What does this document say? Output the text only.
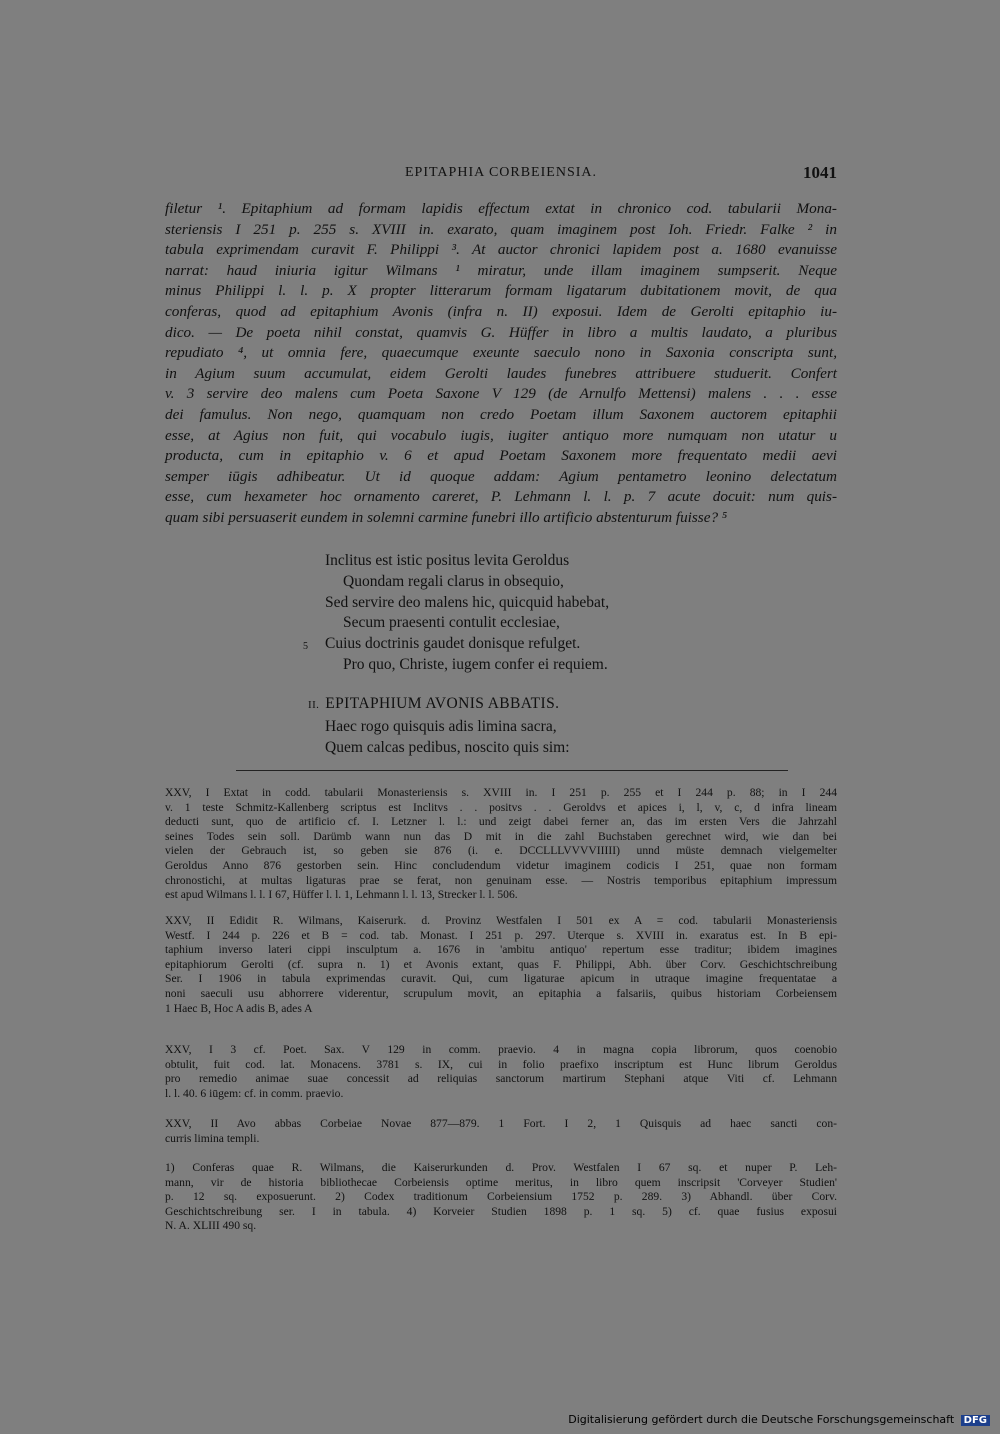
EPITAPHIA CORBEIENSIA.	1041
filetur ¹. Epitaphium ad formam lapidis effectum extat in chronico cod. tabularii Mona-
steriensis I 251 p. 255 s. XVIII in. exarato, quam imaginem post Ioh. Friedr. Falke ² in
tabula exprimendam curavit F. Philippi ³. At auctor chronici lapidem post a. 1680 evanuisse
narrat: haud iniuria igitur Wilmans ¹ miratur, unde illam imaginem sumpserit. Neque
minus Philippi l. l. p. X propter litterarum formam ligatarum dubitationem movit, de qua
conferas, quod ad epitaphium Avonis (infra n. II) exposui. Idem de Gerolti epitaphio iu-
dico. — De poeta nihil constat, quamvis G. Hüffer in libro a multis laudato, a pluribus
repudiato ⁴, ut omnia fere, quaecumque exeunte saeculo nono in Saxonia conscripta sunt,
in Agium suum accumulat, eidem Gerolti laudes funebres attribuere studuerit. Confert
v. 3 servire deo malens cum Poeta Saxone V 129 (de Arnulfo Mettensi) malens . . . esse
dei famulus. Non nego, quamquam non credo Poetam illum Saxonem auctorem epitaphii
esse, at Agius non fuit, qui vocabulo iugis, iugiter antiquo more numquam non utatur u
producta, cum in epitaphio v. 6 et apud Poetam Saxonem more frequentato medii aevi
semper iūgis adhibeatur. Ut id quoque addam: Agium pentametro leonino delectatum
esse, cum hexameter hoc ornamento careret, P. Lehmann l. l. p. 7 acute docuit: num quis-
quam sibi persuaserit eundem in solemni carmine funebri illo artificio abstenturum fuisse? ⁵
Inclitus est istic positus levita Geroldus
Quondam regali clarus in obsequio,
Sed servire deo malens hic, quicquid habebat,
Secum praesenti contulit ecclesiae,
5 Cuius doctrinis gaudet donisque refulget.
Pro quo, Christe, iugem confer ei requiem.
II. EPITAPHIUM AVONIS ABBATIS.
Haec rogo quisquis adis limina sacra,
Quem calcas pedibus, noscito quis sim:
XXV, I Extat in codd. tabularii Monasteriensis s. XVIII in. I 251 p. 255 et I 244 p. 88; in I 244
v. 1 teste Schmitz-Kallenberg scriptus est Inclitvs . . positvs . . Geroldvs et apices i, l, v, c, d infra lineam
deducti sunt, quo de artificio cf. I. Letzner l. l.: und zeigt dabei ferner an, das im ersten Vers die Jahrzahl
seines Todes sein soll. Darümb wann nun das D mit in die zahl Buchstaben gerechnet wird, wie dan bei
vielen der Gebrauch ist, so geben sie 876 (i. e. DCCLLLVVVVIIIII) unnd müste demnach vielgemelter
Geroldus Anno 876 gestorben sein. Hinc concludendum videtur imaginem codicis I 251, quae non formam
chronostichi, at multas ligaturas prae se ferat, non genuinam esse. — Nostris temporibus epitaphium impressum
est apud Wilmans l. l. I 67, Hüffer l. l. 1, Lehmann l. l. 13, Strecker l. l. 506.
XXV, II Edidit R. Wilmans, Kaiserurk. d. Provinz Westfalen I 501 ex A = cod. tabularii Monasteriensis
Westf. I 244 p. 226 et B = cod. tab. Monast. I 251 p. 297. Uterque s. XVIII in. exaratus est. In B epi-
taphium inverso lateri cippi insculptum a. 1676 in 'ambitu antiquo' repertum esse traditur; ibidem imagines
epitaphiorum Gerolti (cf. supra n. 1) et Avonis extant, quas F. Philippi, Abh. über Corv. Geschichtschreibung
Ser. I 1906 in tabula exprimendas curavit. Qui, cum ligaturae apicum in utraque imagine frequentatae a
noni saeculi usu abhorrere viderentur, scrupulum movit, an epitaphia a falsariis, quibus historiam Corbeiensem
1 Haec B, Hoc A adis B, ades A
XXV, I 3 cf. Poet. Sax. V 129 in comm. praevio. 4 in magna copia librorum, quos coenobio
obtulit, fuit cod. lat. Monacens. 3781 s. IX, cui in folio praefixo inscriptum est Hunc librum Geroldus
pro remedio animae suae concessit ad reliquias sanctorum martirum Stephani atque Viti cf. Lehmann
l. l. 40. 6 iūgem: cf. in comm. praevio.
XXV, II Avo abbas Corbeiae Novae 877—879. 1 Fort. I 2, 1 Quisquis ad haec sancti con-
curris limina templi.
1) Conferas quae R. Wilmans, die Kaiserurkunden d. Prov. Westfalen I 67 sq. et nuper P. Leh-
mann, vir de historia bibliothecae Corbeiensis optime meritus, in libro quem inscripsit 'Corveyer Studien'
p. 12 sq. exposuerunt. 2) Codex traditionum Corbeiensium 1752 p. 289. 3) Abhandl. über Corv.
Geschichtschreibung ser. I in tabula. 4) Korveier Studien 1898 p. 1 sq. 5) cf. quae fusius exposui
N. A. XLIII 490 sq.
Digitalisierung gefördert durch die Deutsche Forschungsgemeinschaft DFG
